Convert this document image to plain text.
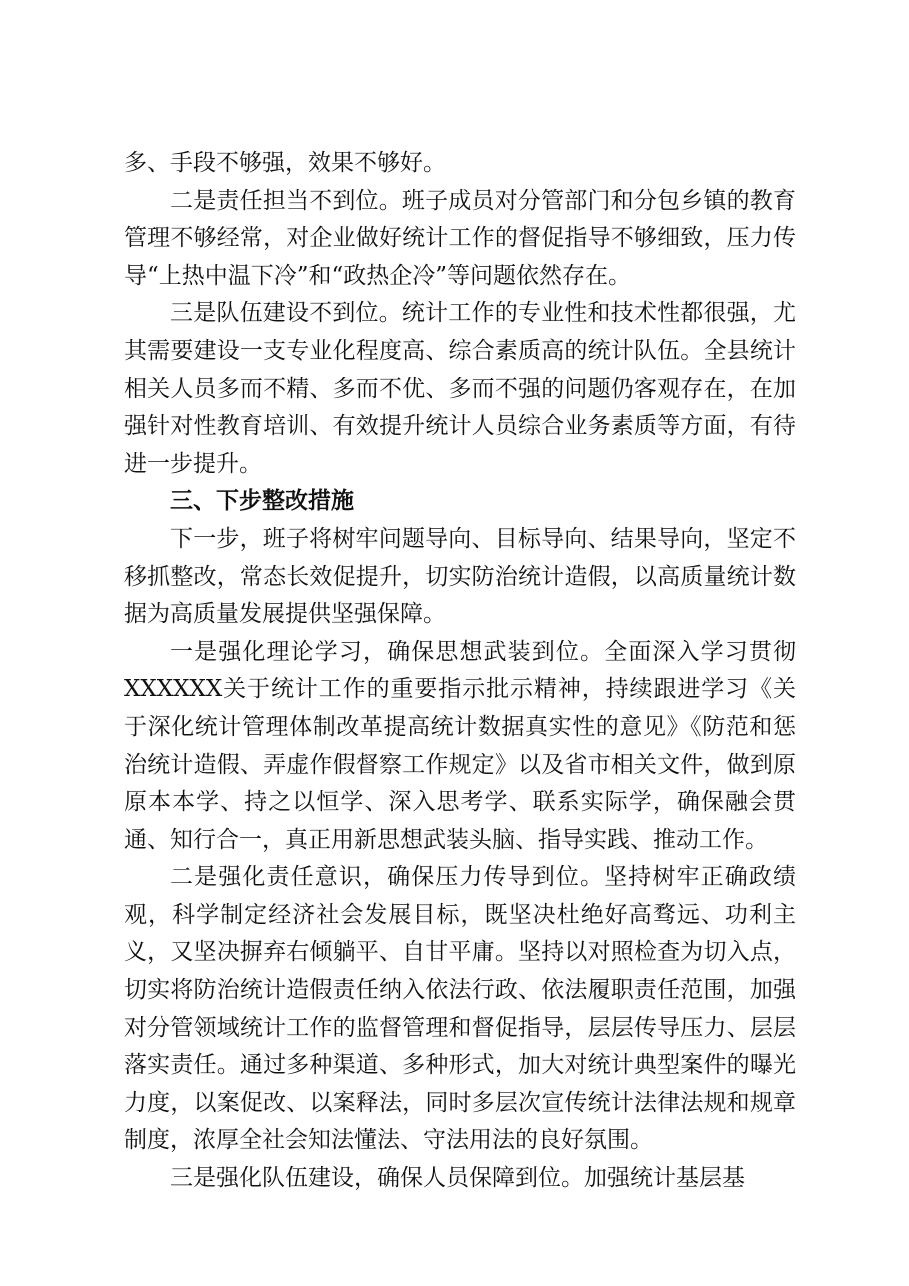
多、手段不够强，效果不够好。

二是责任担当不到位。班子成员对分管部门和分包乡镇的教育管理不够经常，对企业做好统计工作的督促指导不够细致，压力传导“上热中温下冷”和“政热企冷”等问题依然存在。

三是队伍建设不到位。统计工作的专业性和技术性都很强，尤其需要建设一支专业化程度高、综合素质高的统计队伍。全县统计相关人员多而不精、多而不优、多而不强的问题仍客观存在，在加强针对性教育培训、有效提升统计人员综合业务素质等方面，有待进一步提升。

三、下步整改措施

下一步，班子将树牢问题导向、目标导向、结果导向，坚定不移抓整改，常态长效促提升，切实防治统计造假，以高质量统计数据为高质量发展提供坚强保障。

一是强化理论学习，确保思想武装到位。全面深入学习贯彻XXXXXX关于统计工作的重要指示批示精神，持续跟进学习《关于深化统计管理体制改革提高统计数据真实性的意见》《防范和惩治统计造假、弄虚作假督察工作规定》以及省市相关文件，做到原原本本学、持之以恒学、深入思考学、联系实际学，确保融会贯通、知行合一，真正用新思想武装头脑、指导实践、推动工作。

二是强化责任意识，确保压力传导到位。坚持树牢正确政绩观，科学制定经济社会发展目标，既坚决杜绝好高骛远、功利主义，又坚决摒弃右倾躺平、自甘平庸。坚持以对照检查为切入点，切实将防治统计造假责任纳入依法行政、依法履职责任范围，加强对分管领域统计工作的监督管理和督促指导，层层传导压力、层层落实责任。通过多种渠道、多种形式，加大对统计典型案件的曝光力度，以案促改、以案释法，同时多层次宣传统计法律法规和规章制度，浓厚全社会知法懂法、守法用法的良好氛围。

三是强化队伍建设，确保人员保障到位。加强统计基层基
